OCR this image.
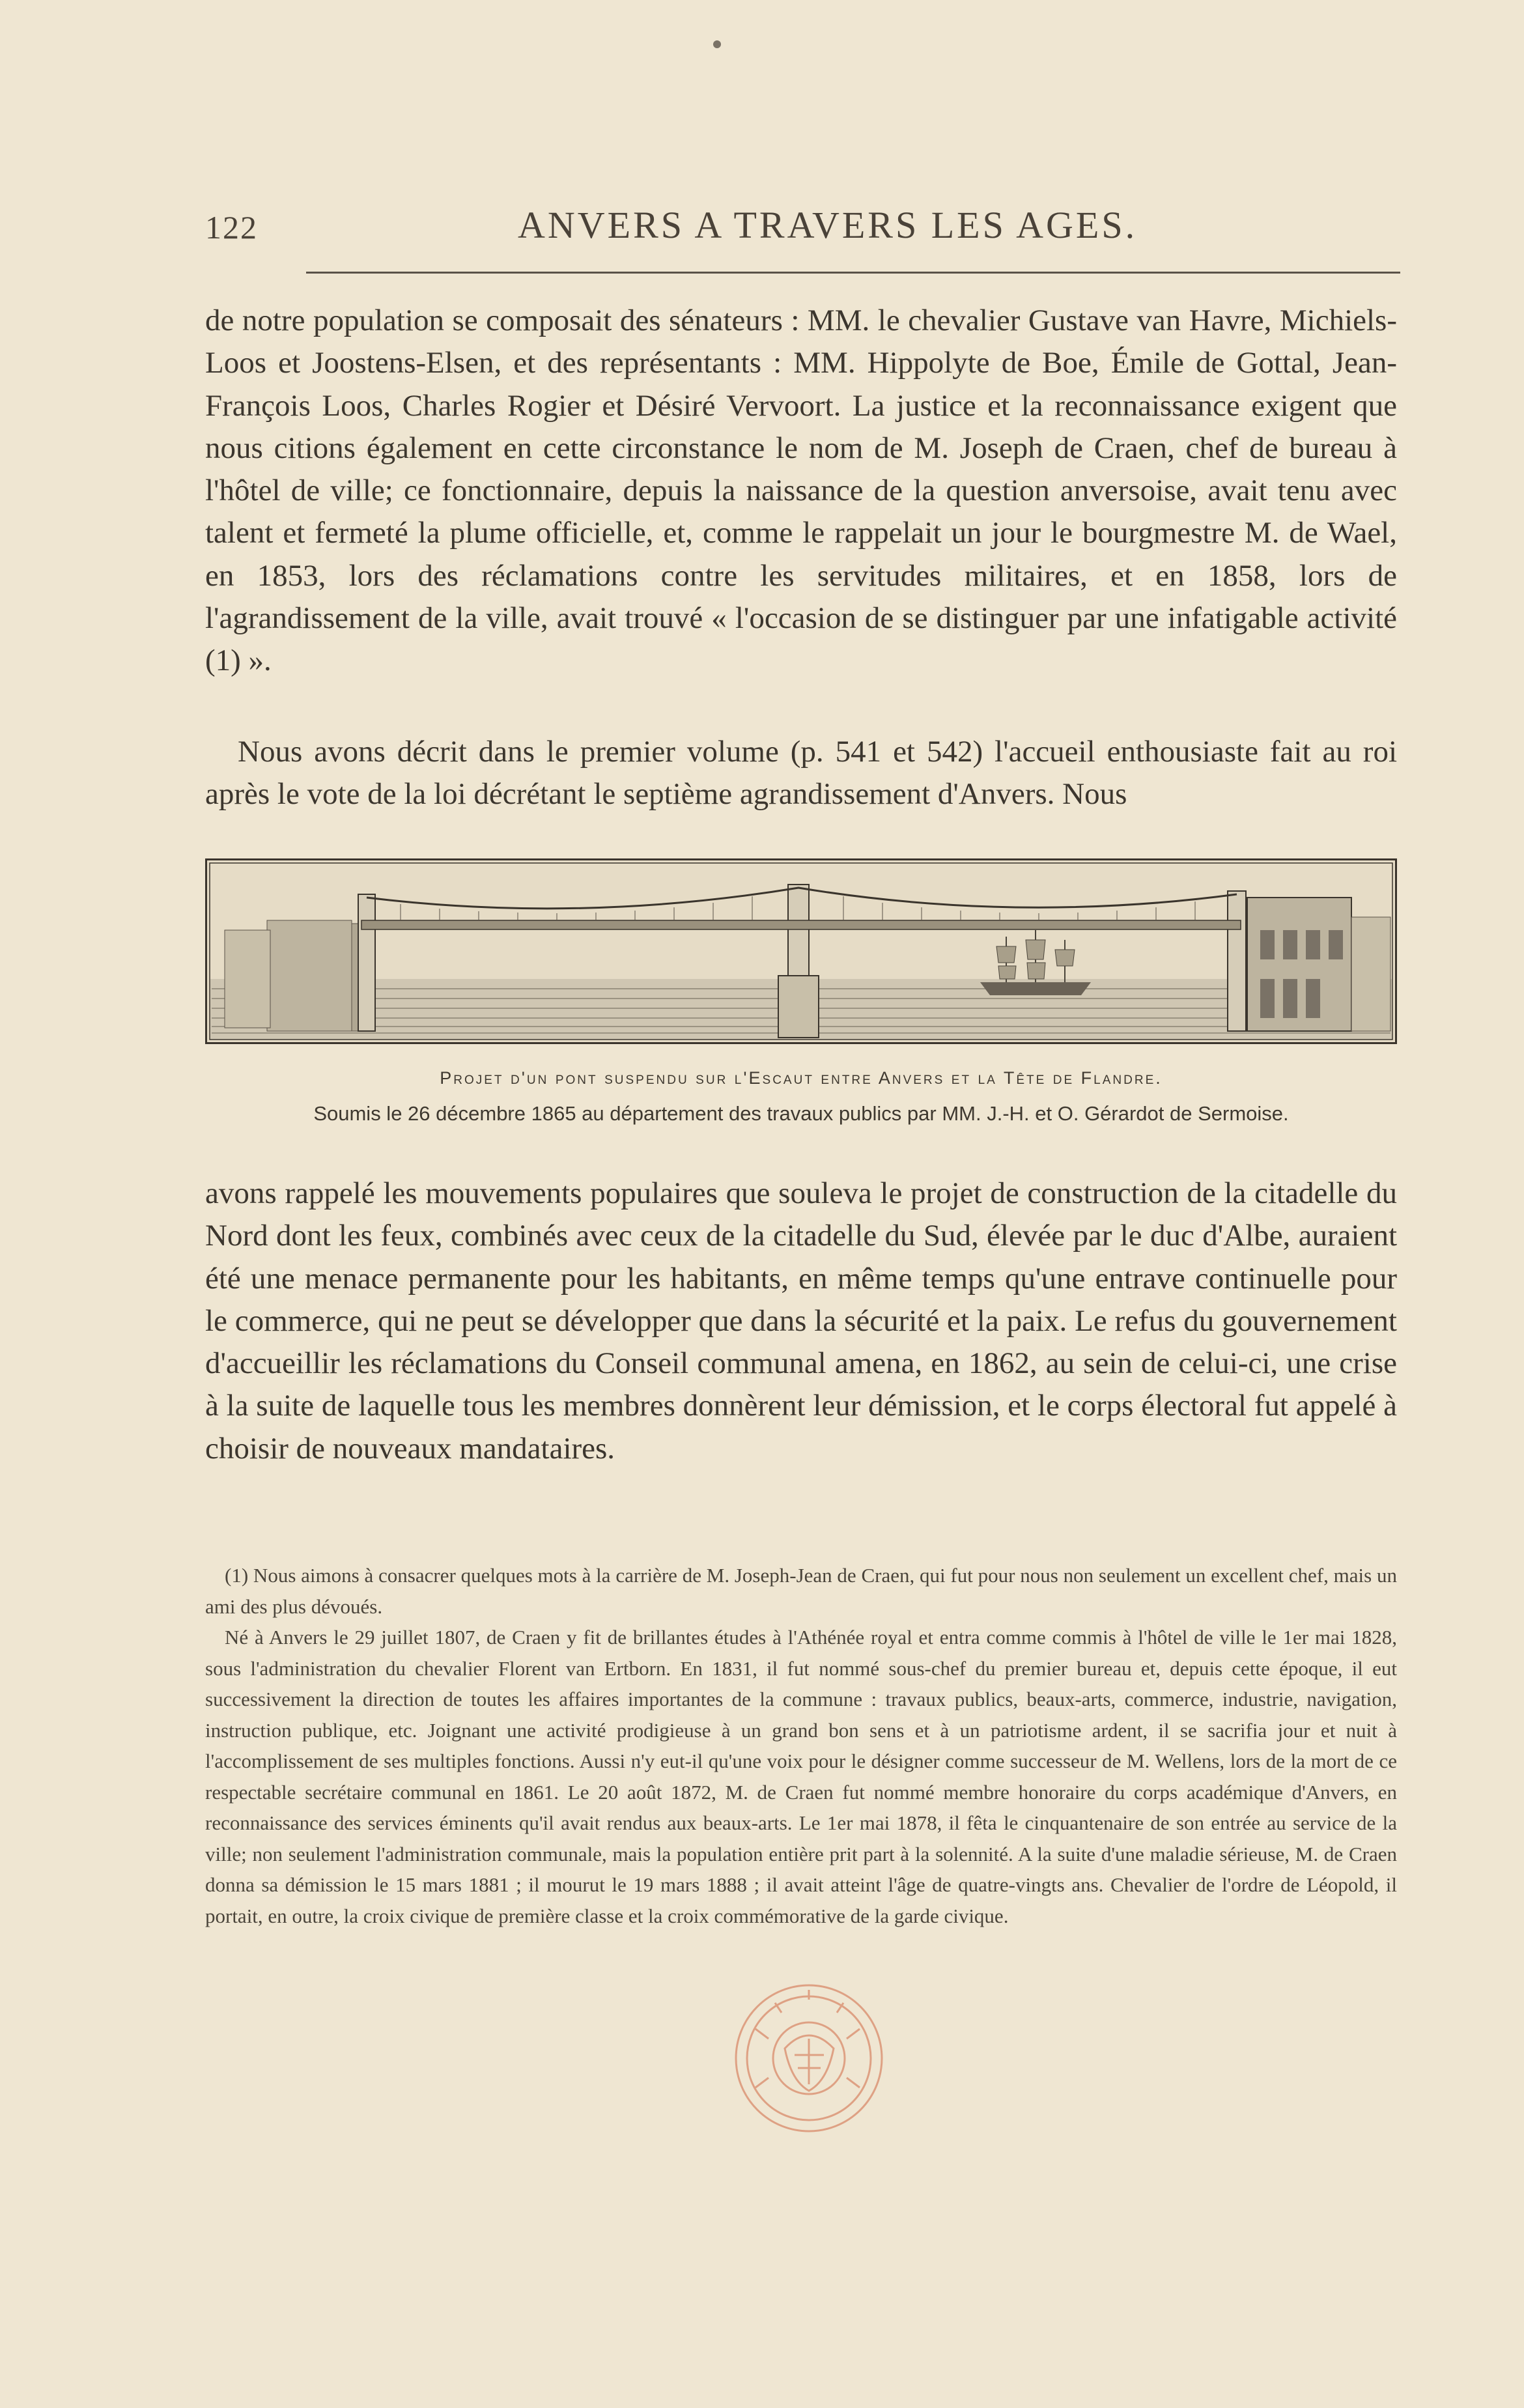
122	ANVERS A TRAVERS LES AGES.

de notre population se composait des sénateurs : MM. le chevalier Gustave van Havre, Michiels-Loos et Joostens-Elsen, et des représentants : MM. Hippolyte de Boe, Émile de Gottal, Jean-François Loos, Charles Rogier et Désiré Vervoort. La justice et la reconnaissance exigent que nous citions également en cette circonstance le nom de M. Joseph de Craen, chef de bureau à l'hôtel de ville; ce fonctionnaire, depuis la naissance de la question anversoise, avait tenu avec talent et fermeté la plume officielle, et, comme le rappelait un jour le bourgmestre M. de Wael, en 1853, lors des réclamations contre les servitudes militaires, et en 1858, lors de l'agrandissement de la ville, avait trouvé « l'occasion de se distinguer par une infatigable activité (1) ».

Nous avons décrit dans le premier volume (p. 541 et 542) l'accueil enthousiaste fait au roi après le vote de la loi décrétant le septième agrandissement d'Anvers. Nous

Projet d'un pont suspendu sur l'Escaut entre Anvers et la Tête de Flandre.
Soumis le 26 décembre 1865 au département des travaux publics par MM. J.-H. et O. Gérardot de Sermoise.

avons rappelé les mouvements populaires que souleva le projet de construction de la citadelle du Nord dont les feux, combinés avec ceux de la citadelle du Sud, élevée par le duc d'Albe, auraient été une menace permanente pour les habitants, en même temps qu'une entrave continuelle pour le commerce, qui ne peut se développer que dans la sécurité et la paix. Le refus du gouvernement d'accueillir les réclamations du Conseil communal amena, en 1862, au sein de celui-ci, une crise à la suite de laquelle tous les membres donnèrent leur démission, et le corps électoral fut appelé à choisir de nouveaux mandataires.

(1) Nous aimons à consacrer quelques mots à la carrière de M. Joseph-Jean de Craen, qui fut pour nous non seulement un excellent chef, mais un ami des plus dévoués.

Né à Anvers le 29 juillet 1807, de Craen y fit de brillantes études à l'Athénée royal et entra comme commis à l'hôtel de ville le 1er mai 1828, sous l'administration du chevalier Florent van Ertborn. En 1831, il fut nommé sous-chef du premier bureau et, depuis cette époque, il eut successivement la direction de toutes les affaires importantes de la commune : travaux publics, beaux-arts, commerce, industrie, navigation, instruction publique, etc. Joignant une activité prodigieuse à un grand bon sens et à un patriotisme ardent, il se sacrifia jour et nuit à l'accomplissement de ses multiples fonctions. Aussi n'y eut-il qu'une voix pour le désigner comme successeur de M. Wellens, lors de la mort de ce respectable secrétaire communal en 1861. Le 20 août 1872, M. de Craen fut nommé membre honoraire du corps académique d'Anvers, en reconnaissance des services éminents qu'il avait rendus aux beaux-arts. Le 1er mai 1878, il fêta le cinquantenaire de son entrée au service de la ville; non seulement l'administration communale, mais la population entière prit part à la solennité. A la suite d'une maladie sérieuse, M. de Craen donna sa démission le 15 mars 1881 ; il mourut le 19 mars 1888 ; il avait atteint l'âge de quatre-vingts ans. Chevalier de l'ordre de Léopold, il portait, en outre, la croix civique de première classe et la croix commémorative de la garde civique.
